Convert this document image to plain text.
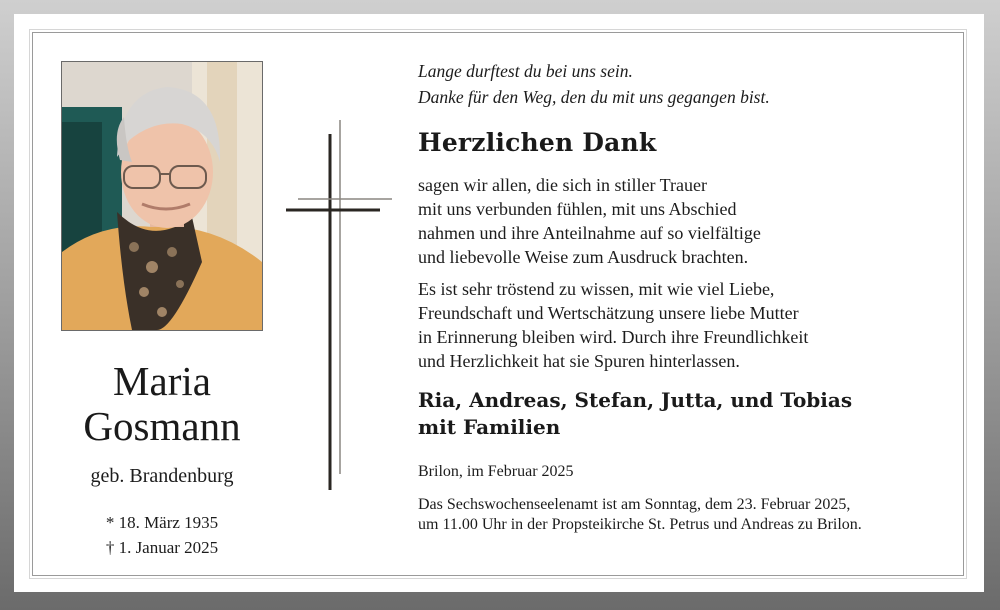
Maria
Gosmann
geb. Brandenburg
* 18. März 1935
† 1. Januar 2025
Lange durftest du bei uns sein.
Danke für den Weg, den du mit uns gegangen bist.
Herzlichen Dank
sagen wir allen, die sich in stiller Trauer
mit uns verbunden fühlen, mit uns Abschied
nahmen und ihre Anteilnahme auf so vielfältige
und liebevolle Weise zum Ausdruck brachten.
Es ist sehr tröstend zu wissen, mit wie viel Liebe,
Freundschaft und Wertschätzung unsere liebe Mutter
in Erinnerung bleiben wird. Durch ihre Freundlichkeit
und Herzlichkeit hat sie Spuren hinterlassen.
Ria, Andreas, Stefan, Jutta, und Tobias
mit Familien
Brilon, im Februar 2025
Das Sechswochenseelenamt ist am Sonntag, dem 23. Februar 2025,
um 11.00 Uhr in der Propsteikirche St. Petrus und Andreas zu Brilon.
